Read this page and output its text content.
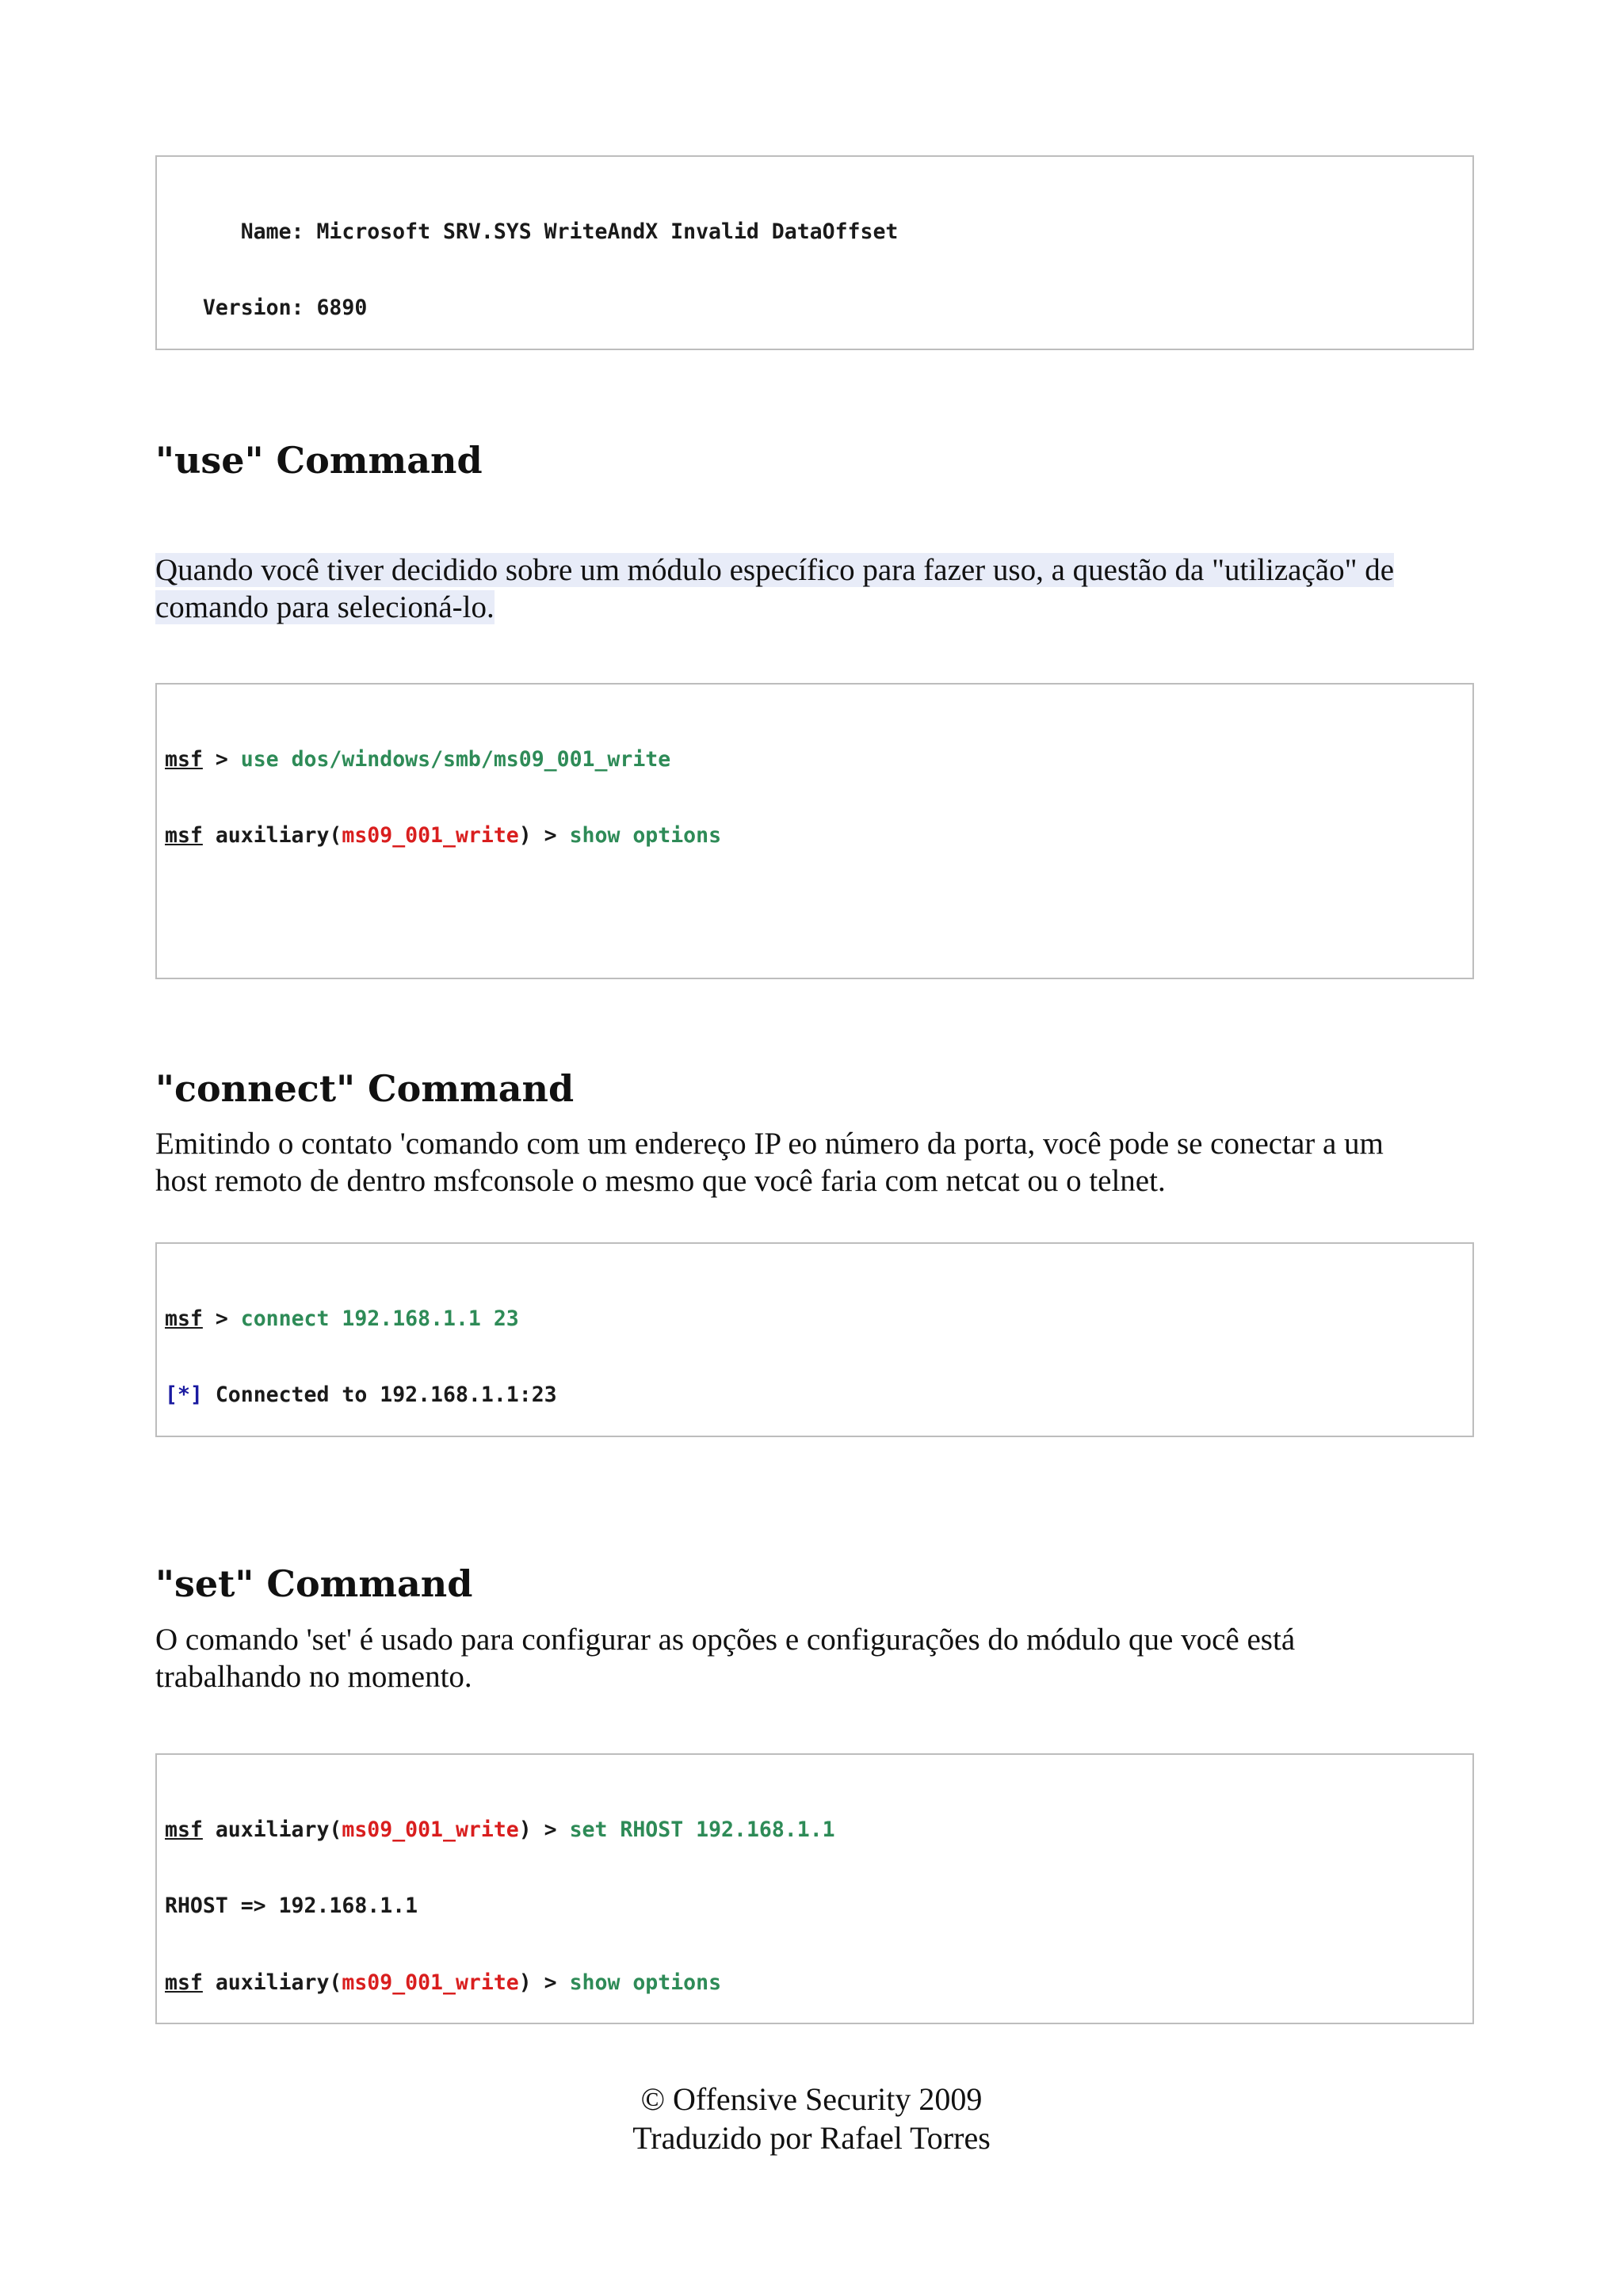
Name: Microsoft SRV.SYS WriteAndX Invalid DataOffset

Version: 6890

"use" Command
Quando você tiver decidido sobre um módulo específico para fazer uso, a questão da "utilização" de
comando para selecioná-lo.

msf > use dos/windows/smb/ms09_001_write

msf auxiliary(ms09_001_write) > show options

"connect" Command
Emitindo o contato 'comando com um endereço IP eo número da porta, você pode se conectar a um
host remoto de dentro msfconsole o mesmo que você faria com netcat ou o telnet.

msf > connect 192.168.1.1 23

[*] Connected to 192.168.1.1:23

"set" Command
O comando 'set' é usado para configurar as opções e configurações do módulo que você está
trabalhando no momento.

msf auxiliary(ms09_001_write) > set RHOST 192.168.1.1

RHOST => 192.168.1.1

msf auxiliary(ms09_001_write) > show options

© Offensive Security 2009
Traduzido por Rafael Torres
